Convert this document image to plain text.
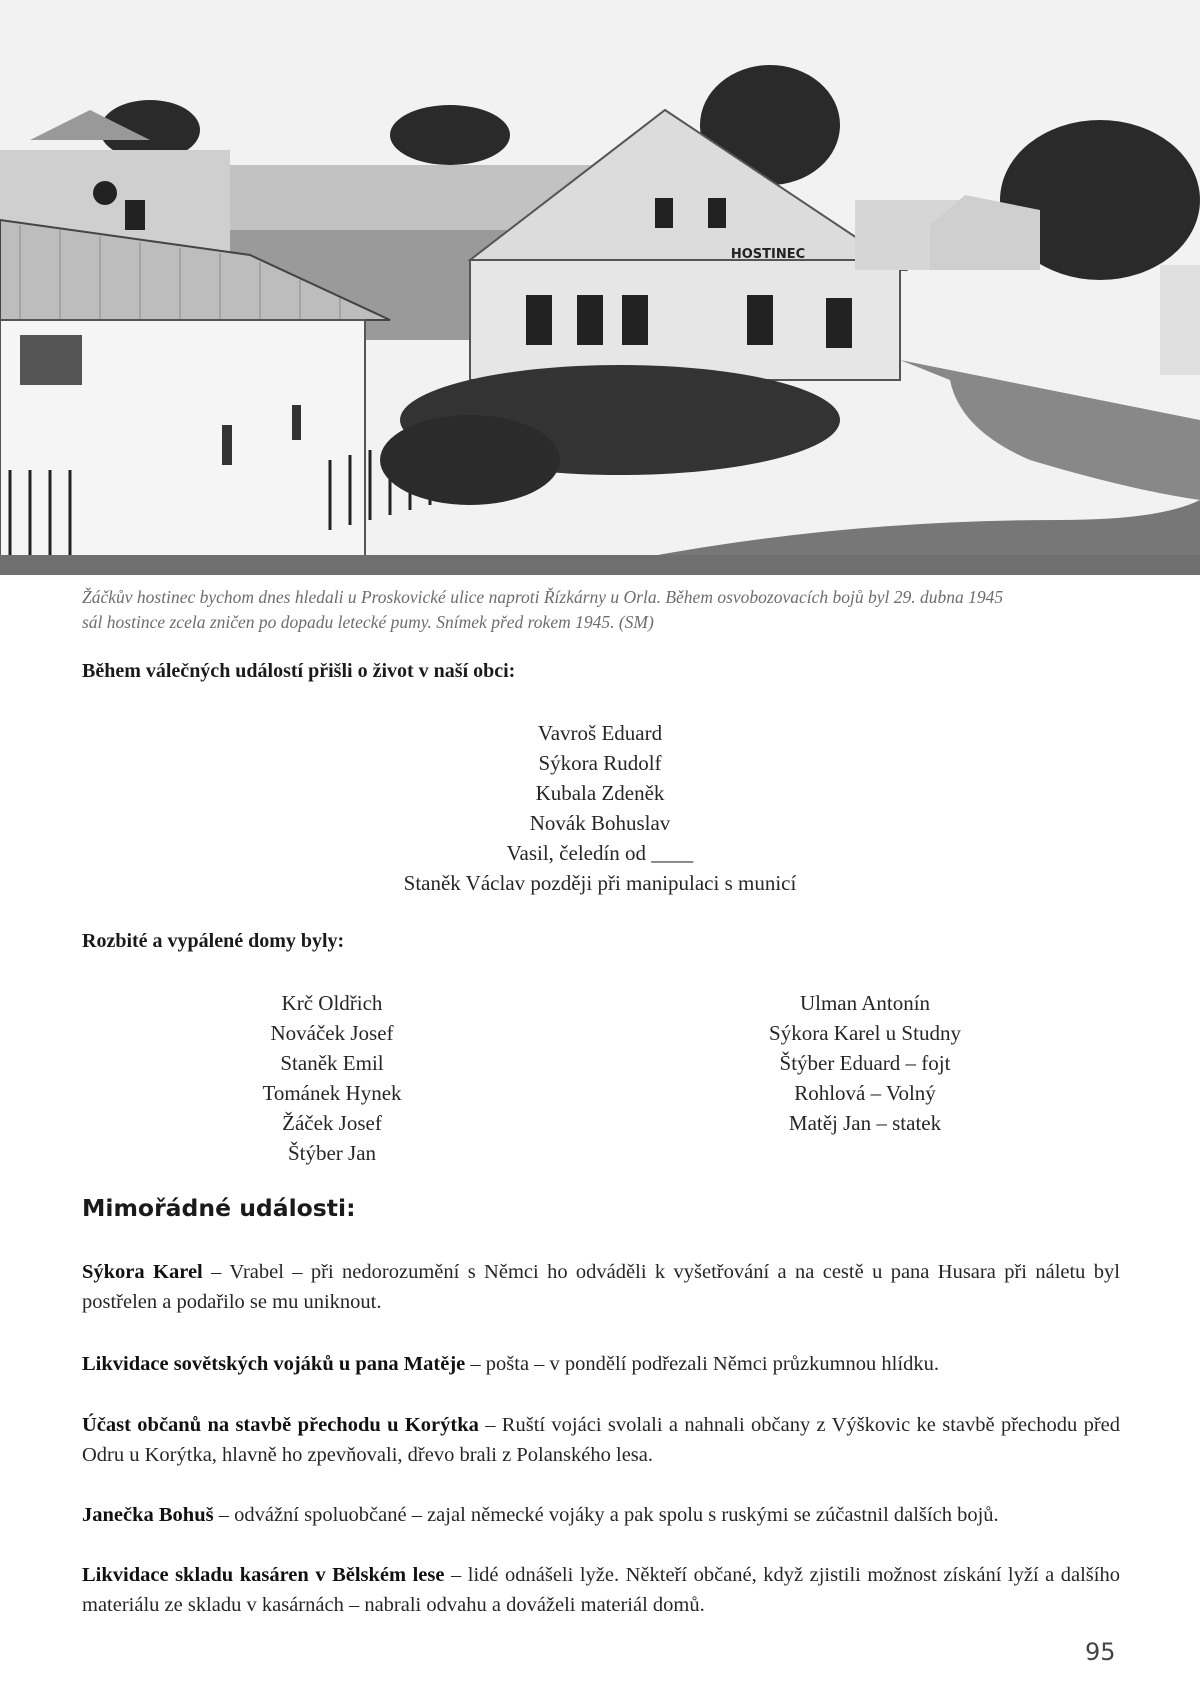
HOSTINEC
Žáčkův hostinec bychom dnes hledali u Proskovické ulice naproti Řízkárny u Orla. Během osvobozovacích bojů byl 29. dubna 1945
sál hostince zcela zničen po dopadu letecké pumy. Snímek před rokem 1945. (SM)
Během válečných událostí přišli o život v naší obci:
Vavroš Eduard
Sýkora Rudolf
Kubala Zdeněk
Novák Bohuslav
Vasil, čeledín od ____
Staněk Václav později při manipulaci s municí
Rozbité a vypálené domy byly:
Krč Oldřich
Nováček Josef
Staněk Emil
Tománek Hynek
Žáček Josef
Štýber Jan
Ulman Antonín
Sýkora Karel u Studny
Štýber Eduard – fojt
Rohlová – Volný
Matěj Jan – statek
Mimořádné události:
Sýkora Karel – Vrabel – při nedorozumění s Němci ho odváděli k vyšetřování a na cestě u pana Husara při náletu byl postřelen a podařilo se mu uniknout.
Likvidace sovětských vojáků u pana Matěje – pošta – v pondělí podřezali Němci průzkumnou hlídku.
Účast občanů na stavbě přechodu u Korýtka – Ruští vojáci svolali a nahnali občany z Výškovic ke stavbě přechodu před Odru u Korýtka, hlavně ho zpevňovali, dřevo brali z Polanského lesa.
Janečka Bohuš – odvážní spoluobčané – zajal německé vojáky a pak spolu s ruskými se zúčastnil dalších bojů.
Likvidace skladu kasáren v Bělském lese – lidé odnášeli lyže. Někteří občané, když zjistili možnost získání lyží a dalšího materiálu ze skladu v kasárnách – nabrali odvahu a dováželi materiál domů.
95
